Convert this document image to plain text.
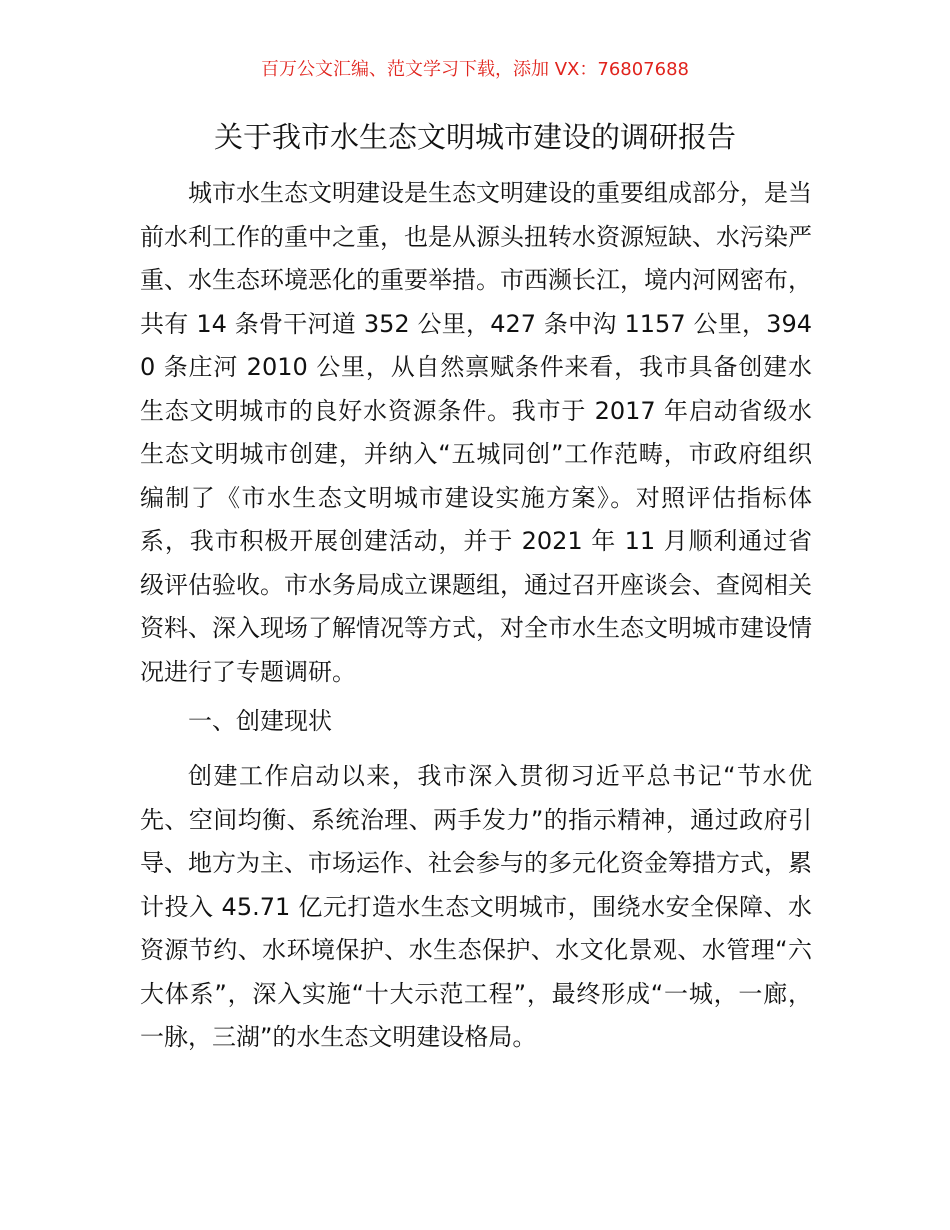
百万公文汇编、范文学习下载，添加 VX：76807688
关于我市水生态文明城市建设的调研报告

城市水生态文明建设是生态文明建设的重要组成部分，是当前水利工作的重中之重，也是从源头扭转水资源短缺、水污染严重、水生态环境恶化的重要举措。市西濒长江，境内河网密布，共有 14 条骨干河道 352 公里，427 条中沟 1157 公里，3940 条庄河 2010 公里，从自然禀赋条件来看，我市具备创建水生态文明城市的良好水资源条件。我市于 2017 年启动省级水生态文明城市创建，并纳入“五城同创”工作范畴，市政府组织编制了《市水生态文明城市建设实施方案》。对照评估指标体系，我市积极开展创建活动，并于 2021 年 11 月顺利通过省级评估验收。市水务局成立课题组，通过召开座谈会、查阅相关资料、深入现场了解情况等方式，对全市水生态文明城市建设情况进行了专题调研。

一、创建现状

创建工作启动以来，我市深入贯彻习近平总书记“节水优先、空间均衡、系统治理、两手发力”的指示精神，通过政府引导、地方为主、市场运作、社会参与的多元化资金筹措方式，累计投入 45.71 亿元打造水生态文明城市，围绕水安全保障、水资源节约、水环境保护、水生态保护、水文化景观、水管理“六大体系”，深入实施“十大示范工程”，最终形成“一城，一廊，一脉，三湖”的水生态文明建设格局。
